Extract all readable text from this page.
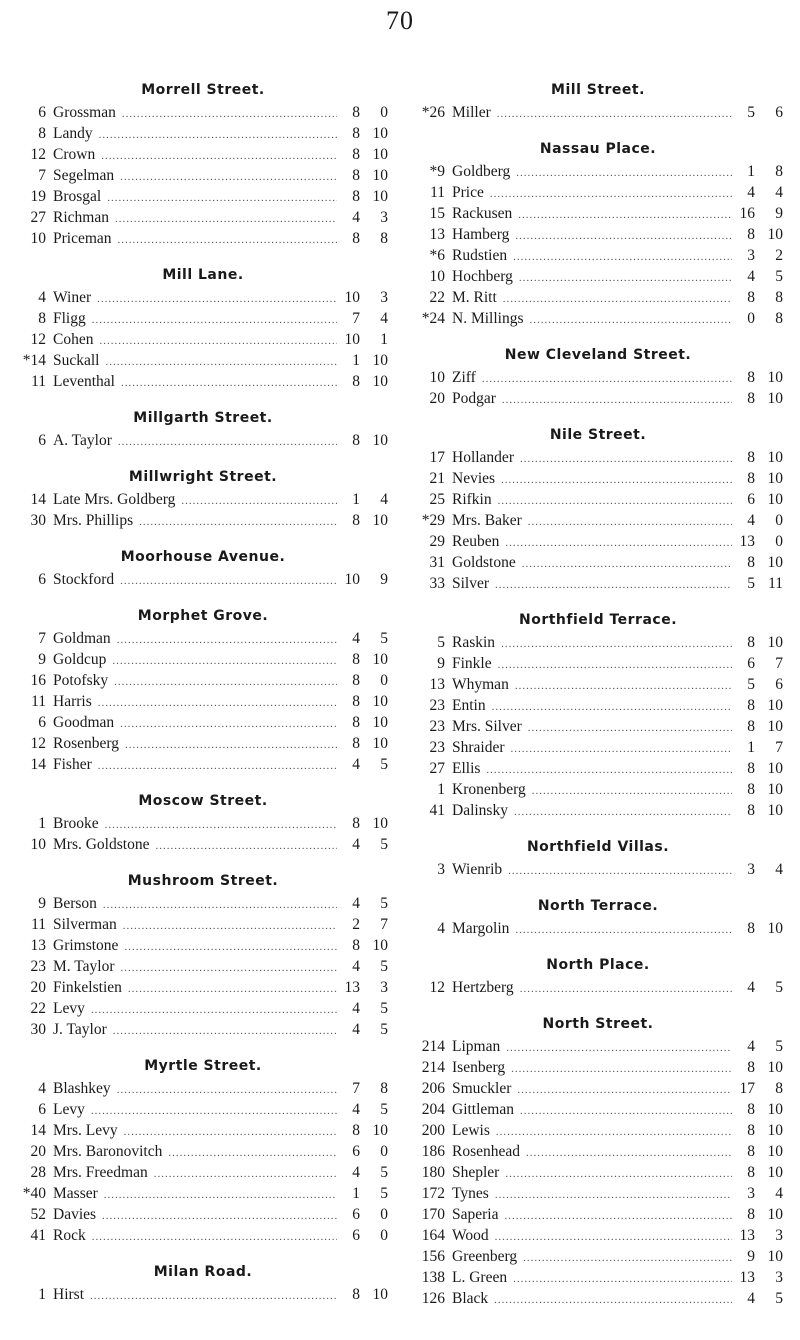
70
Morrell Street.
6 Grossman .....	8	0
8 Landy .....	8 10
12 Crown .....	8 10
7 Segelman .....	8 10
19 Brosgal .....	8 10
27 Richman .....	4	3
10 Priceman .....	8	8
Mill Lane.
4 Winer .....	10	3
8 Fligg .....	7	4
12 Cohen .....	10	1
*14 Suckall .....	1 10
11 Leventhal .....	8 10
Millgarth Street.
6 A. Taylor .....	8 10
Millwright Street.
14 Late Mrs. Goldberg .....	1	4
30 Mrs. Phillips .....	8 10
Moorhouse Avenue.
6 Stockford .....	10	9
Morphet Grove.
7 Goldman .....	4	5
9 Goldcup .....	8 10
16 Potofsky .....	8	0
11 Harris .....	8 10
6 Goodman .....	8 10
12 Rosenberg .....	8 10
14 Fisher .....	4	5
Moscow Street.
1 Brooke .....	8 10
10 Mrs. Goldstone .....	4	5
Mushroom Street.
9 Berson .....	4	5
11 Silverman .....	2	7
13 Grimstone .....	8 10
23 M. Taylor .....	4	5
20 Finkelstien .....	13	3
22 Levy .....	4	5
30 J. Taylor .....	4	5
Myrtle Street.
4 Blashkey .....	7	8
6 Levy .....	4	5
14 Mrs. Levy .....	8 10
20 Mrs. Baronovitch .....	6	0
28 Mrs. Freedman .....	4	5
*40 Masser .....	1	5
52 Davies .....	6	0
41 Rock .....	6	0
Milan Road.
1 Hirst .....	8 10
Mill Street.
*26 Miller .....	5	6
Nassau Place.
*9 Goldberg .....	1	8
11 Price .....	4	4
15 Rackusen .....	16	9
13 Hamberg .....	8 10
*6 Rudstien .....	3	2
10 Hochberg .....	4	5
22 M. Ritt .....	8	8
*24 N. Millings .....	0	8
New Cleveland Street.
10 Ziff .....	8 10
20 Podgar .....	8 10
Nile Street.
17 Hollander .....	8 10
21 Nevies .....	8 10
25 Rifkin .....	6 10
*29 Mrs. Baker .....	4	0
29 Reuben .....	13	0
31 Goldstone .....	8 10
33 Silver .....	5 11
Northfield Terrace.
5 Raskin .....	8 10
9 Finkle .....	6	7
13 Whyman .....	5	6
23 Entin .....	8 10
23 Mrs. Silver .....	8 10
23 Shraider .....	1	7
27 Ellis .....	8 10
1 Kronenberg .....	8 10
41 Dalinsky .....	8 10
Northfield Villas.
3 Wienrib .....	3	4
North Terrace.
4 Margolin .....	8 10
North Place.
12 Hertzberg .....	4	5
North Street.
214 Lipman .....	4	5
214 Isenberg .....	8 10
206 Smuckler .....	17	8
204 Gittleman .....	8 10
200 Lewis .....	8 10
186 Rosenhead .....	8 10
180 Shepler .....	8 10
172 Tynes .....	3	4
170 Saperia .....	8 10
164 Wood .....	13	3
156 Greenberg .....	9 10
138 L. Green .....	13	3
126 Black .....	4	5
